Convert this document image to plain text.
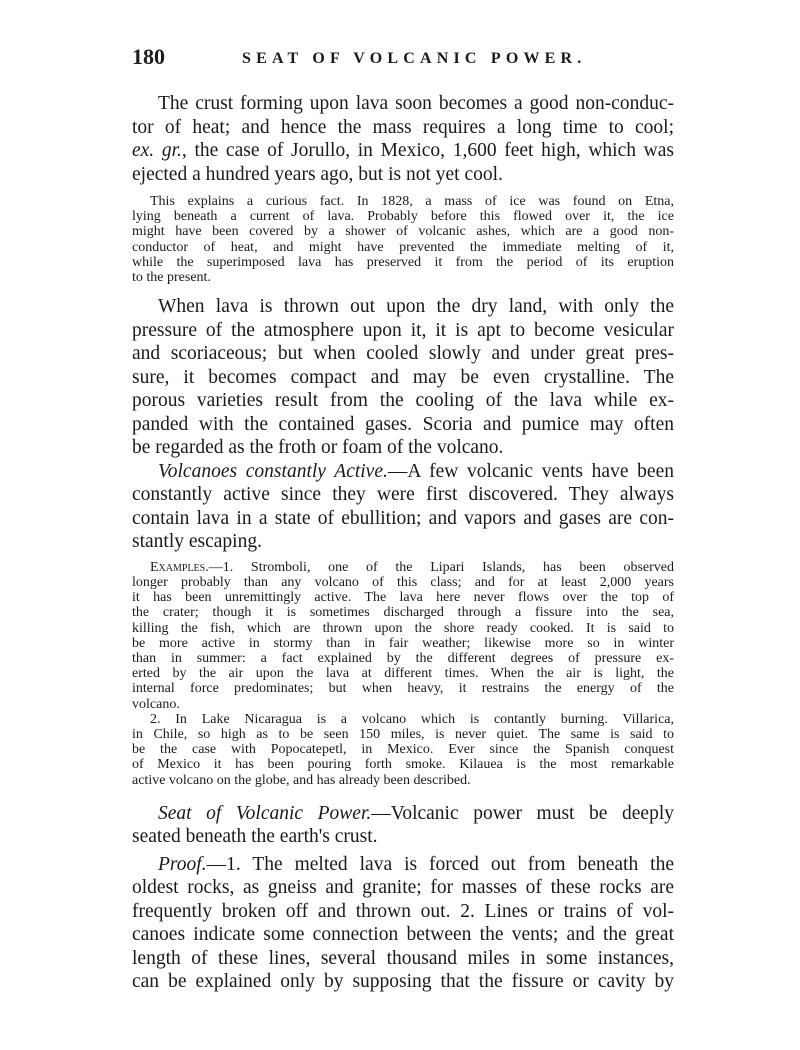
180	SEAT OF VOLCANIC POWER.
The crust forming upon lava soon becomes a good non-conduc-
tor of heat; and hence the mass requires a long time to cool;
ex. gr., the case of Jorullo, in Mexico, 1,600 feet high, which was
ejected a hundred years ago, but is not yet cool.
This explains a curious fact. In 1828, a mass of ice was found on Etna,
lying beneath a current of lava. Probably before this flowed over it, the ice
might have been covered by a shower of volcanic ashes, which are a good non-
conductor of heat, and might have prevented the immediate melting of it,
while the superimposed lava has preserved it from the period of its eruption
to the present.
When lava is thrown out upon the dry land, with only the
pressure of the atmosphere upon it, it is apt to become vesicular
and scoriaceous; but when cooled slowly and under great pres-
sure, it becomes compact and may be even crystalline. The
porous varieties result from the cooling of the lava while ex-
panded with the contained gases. Scoria and pumice may often
be regarded as the froth or foam of the volcano.
Volcanoes constantly Active.—A few volcanic vents have been
constantly active since they were first discovered. They always
contain lava in a state of ebullition; and vapors and gases are con-
stantly escaping.
Examples.—1. Stromboli, one of the Lipari Islands, has been observed
longer probably than any volcano of this class; and for at least 2,000 years
it has been unremittingly active. The lava here never flows over the top of
the crater; though it is sometimes discharged through a fissure into the sea,
killing the fish, which are thrown upon the shore ready cooked. It is said to
be more active in stormy than in fair weather; likewise more so in winter
than in summer: a fact explained by the different degrees of pressure ex-
erted by the air upon the lava at different times. When the air is light, the
internal force predominates; but when heavy, it restrains the energy of the
volcano.
2. In Lake Nicaragua is a volcano which is contantly burning. Villarica,
in Chile, so high as to be seen 150 miles, is never quiet. The same is said to
be the case with Popocatepetl, in Mexico. Ever since the Spanish conquest
of Mexico it has been pouring forth smoke. Kilauea is the most remarkable
active volcano on the globe, and has already been described.
Seat of Volcanic Power.—Volcanic power must be deeply
seated beneath the earth's crust.
Proof.—1. The melted lava is forced out from beneath the
oldest rocks, as gneiss and granite; for masses of these rocks are
frequently broken off and thrown out. 2. Lines or trains of vol-
canoes indicate some connection between the vents; and the great
length of these lines, several thousand miles in some instances,
can be explained only by supposing that the fissure or cavity by
